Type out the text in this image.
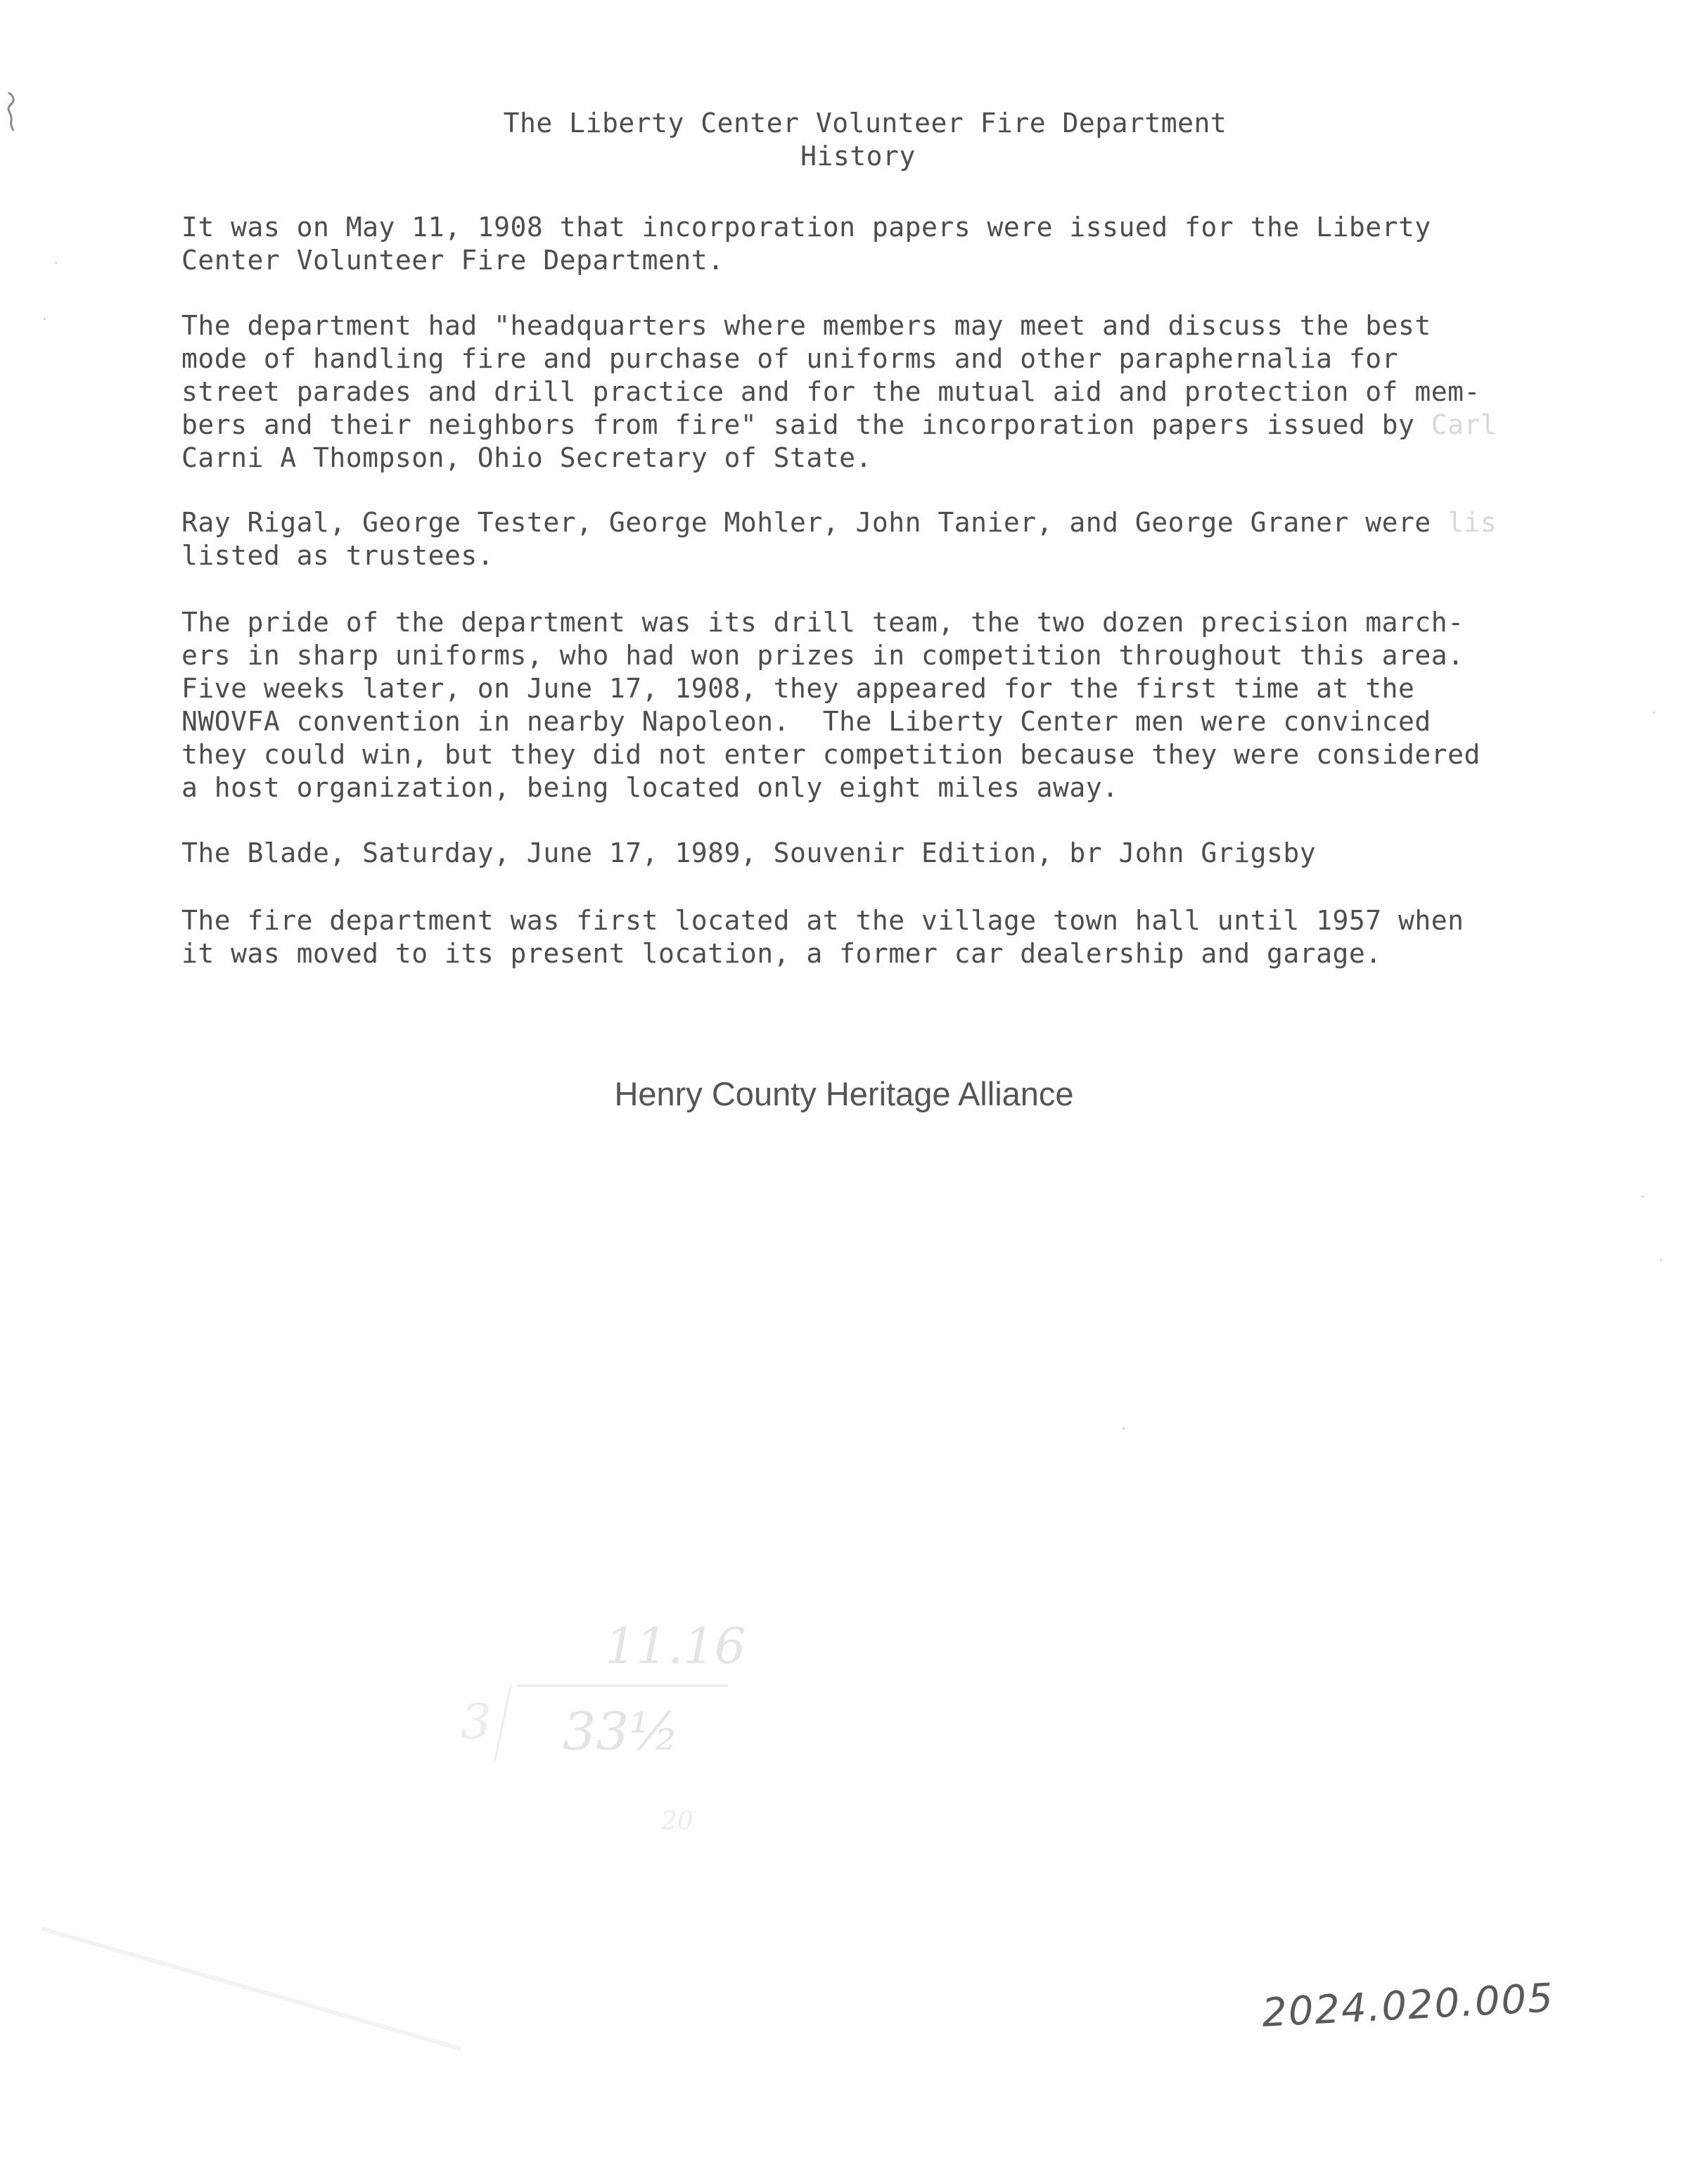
The Liberty Center Volunteer Fire Department
History
It was on May 11, 1908 that incorporation papers were issued for the Liberty
Center Volunteer Fire Department.
The department had "headquarters where members may meet and discuss the best
mode of handling fire and purchase of uniforms and other paraphernalia for
street parades and drill practice and for the mutual aid and protection of mem-
bers and their neighbors from fire" said the incorporation papers issued by Carl
Carni A Thompson, Ohio Secretary of State.
Ray Rigal, George Tester, George Mohler, John Tanier, and George Graner were lis
listed as trustees.
The pride of the department was its drill team, the two dozen precision march-
ers in sharp uniforms, who had won prizes in competition throughout this area.
Five weeks later, on June 17, 1908, they appeared for the first time at the
NWOVFA convention in nearby Napoleon.  The Liberty Center men were convinced
they could win, but they did not enter competition because they were considered
a host organization, being located only eight miles away.
The Blade, Saturday, June 17, 1989, Souvenir Edition, br John Grigsby
The fire department was first located at the village town hall until 1957 when
it was moved to its present location, a former car dealership and garage.
Henry County Heritage Alliance
11.16
3 33½
20
2024.020.005
